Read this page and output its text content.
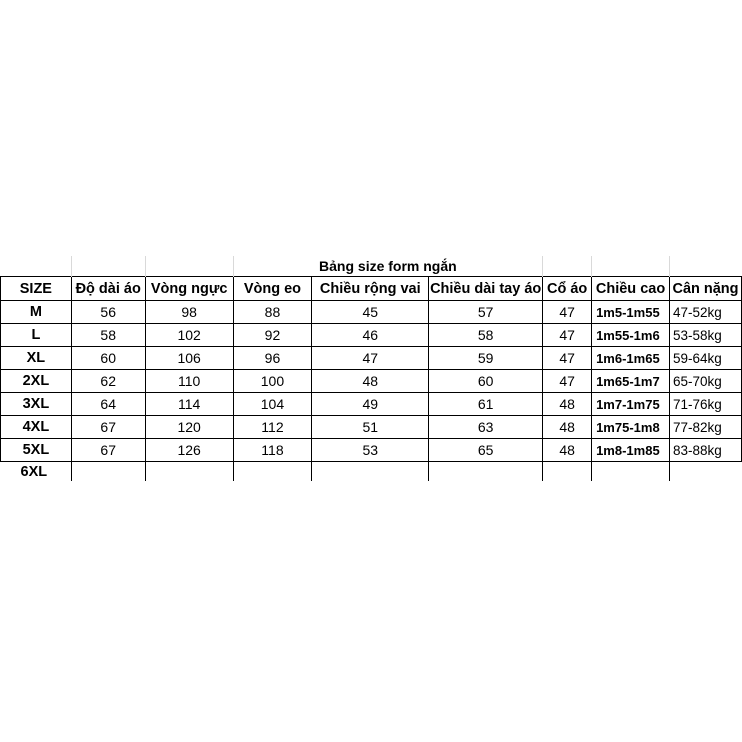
			Bảng size form ngắn					
SIZE	Độ dài áo	Vòng ngực	Vòng eo	Chiều rộng vai	Chiều dài tay áo	Cổ áo	Chiều cao	Cân nặng
M	56	98	88	45	57	47	1m5-1m55	47-52kg
L	58	102	92	46	58	47	1m55-1m6	53-58kg
XL	60	106	96	47	59	47	1m6-1m65	59-64kg
2XL	62	110	100	48	60	47	1m65-1m7	65-70kg
3XL	64	114	104	49	61	48	1m7-1m75	71-76kg
4XL	67	120	112	51	63	48	1m75-1m8	77-82kg
5XL	67	126	118	53	65	48	1m8-1m85	83-88kg
6XL								
